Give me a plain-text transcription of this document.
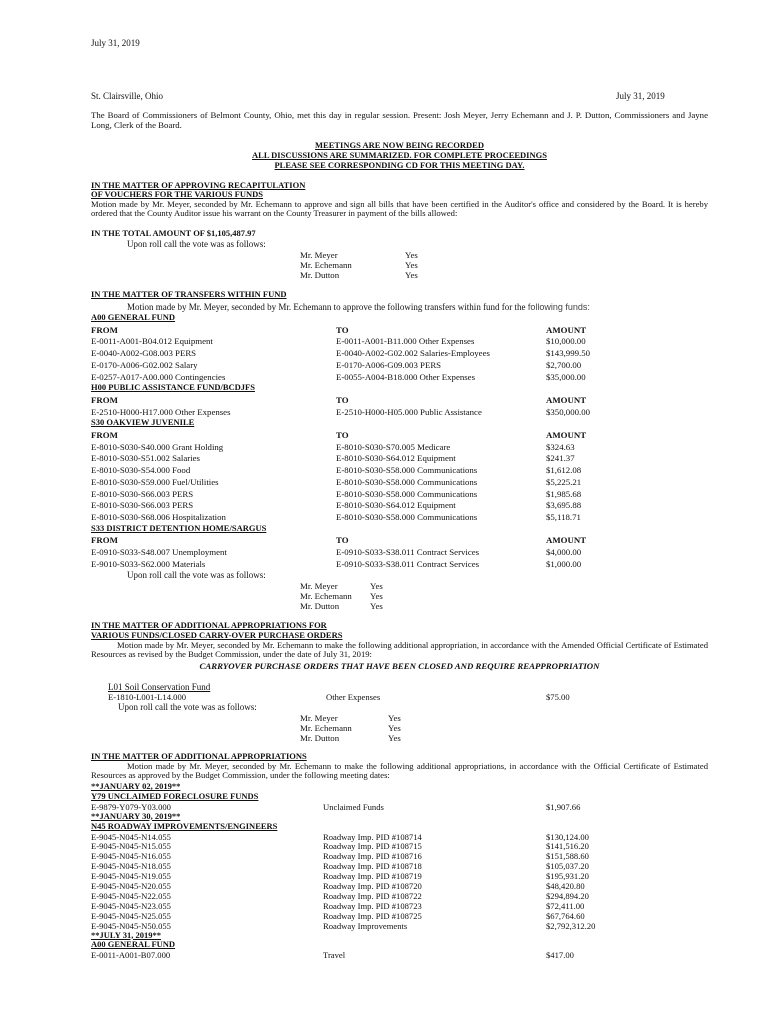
July 31, 2019
St. Clairsville, Ohio	July 31, 2019
The Board of Commissioners of Belmont County, Ohio, met this day in regular session. Present: Josh Meyer, Jerry Echemann and J. P. Dutton, Commissioners and Jayne Long, Clerk of the Board.
MEETINGS ARE NOW BEING RECORDED
ALL DISCUSSIONS ARE SUMMARIZED. FOR COMPLETE PROCEEDINGS
PLEASE SEE CORRESPONDING CD FOR THIS MEETING DAY.
IN THE MATTER OF APPROVING RECAPITULATION
OF VOUCHERS FOR THE VARIOUS FUNDS
Motion made by Mr. Meyer, seconded by Mr. Echemann to approve and sign all bills that have been certified in the Auditor's office and considered by the Board. It is hereby ordered that the County Auditor issue his warrant on the County Treasurer in payment of the bills allowed:
IN THE TOTAL AMOUNT OF $1,105,487.97
Upon roll call the vote was as follows:
Mr. Meyer	Yes
Mr. Echemann	Yes
Mr. Dutton	Yes
IN THE MATTER OF TRANSFERS WITHIN FUND
Motion made by Mr. Meyer, seconded by Mr. Echemann to approve the following transfers within fund for the following funds:
A00 GENERAL FUND
FROM	TO	AMOUNT
E-0011-A001-B04.012 Equipment	E-0011-A001-B11.000 Other Expenses	$10,000.00
E-0040-A002-G08.003 PERS	E-0040-A002-G02.002 Salaries-Employees	$143,999.50
E-0170-A006-G02.002 Salary	E-0170-A006-G09.003 PERS	$2,700.00
E-0257-A017-A00.000 Contingencies	E-0055-A004-B18.000 Other Expenses	$35,000.00
H00 PUBLIC ASSISTANCE FUND/BCDJFS
FROM	TO	AMOUNT
E-2510-H000-H17.000 Other Expenses	E-2510-H000-H05.000 Public Assistance	$350,000.00
S30 OAKVIEW JUVENILE
FROM	TO	AMOUNT
E-8010-S030-S40.000 Grant Holding	E-8010-S030-S70.005 Medicare	$324.63
E-8010-S030-S51.002 Salaries	E-8010-S030-S64.012 Equipment	$241.37
E-8010-S030-S54.000 Food	E-8010-S030-S58.000 Communications	$1,612.08
E-8010-S030-S59.000 Fuel/Utilities	E-8010-S030-S58.000 Communications	$5,225.21
E-8010-S030-S66.003 PERS	E-8010-S030-S58.000 Communications	$1,985.68
E-8010-S030-S66.003 PERS	E-8010-S030-S64.012 Equipment	$3,695.88
E-8010-S030-S68.006 Hospitalization	E-8010-S030-S58.000 Communications	$5,118.71
S33 DISTRICT DETENTION HOME/SARGUS
FROM	TO	AMOUNT
E-0910-S033-S48.007 Unemployment	E-0910-S033-S38.011 Contract Services	$4,000.00
E-9010-S033-S62.000 Materials	E-0910-S033-S38.011 Contract Services	$1,000.00
Upon roll call the vote was as follows:
Mr. Meyer	Yes
Mr. Echemann Yes
Mr. Dutton	Yes
IN THE MATTER OF ADDITIONAL APPROPRIATIONS FOR
VARIOUS FUNDS/CLOSED CARRY-OVER PURCHASE ORDERS
Motion made by Mr. Meyer, seconded by Mr. Echemann to make the following additional appropriation, in accordance with the Amended Official Certificate of Estimated Resources as revised by the Budget Commission, under the date of July 31, 2019:
CARRYOVER PURCHASE ORDERS THAT HAVE BEEN CLOSED AND REQUIRE REAPPROPRIATION
L01 Soil Conservation Fund
E-1810-L001-L14.000	Other Expenses	$75.00
Upon roll call the vote was as follows:
Mr. Meyer	Yes
Mr. Echemann	Yes
Mr. Dutton	Yes
IN THE MATTER OF ADDITIONAL APPROPRIATIONS
Motion made by Mr. Meyer, seconded by Mr. Echemann to make the following additional appropriations, in accordance with the Official Certificate of Estimated Resources as approved by the Budget Commission, under the following meeting dates:
**JANUARY 02, 2019**
Y79 UNCLAIMED FORECLOSURE FUNDS
E-9879-Y079-Y03.000	Unclaimed Funds	$1,907.66
**JANUARY 30, 2019**
N45 ROADWAY IMPROVEMENTS/ENGINEERS
E-9045-N045-N14.055	Roadway Imp. PID #108714	$130,124.00
E-9045-N045-N15.055	Roadway Imp. PID #108715	$141,516.20
E-9045-N045-N16.055	Roadway Imp. PID #108716	$151,588.60
E-9045-N045-N18.055	Roadway Imp. PID #108718	$105,037.20
E-9045-N045-N19.055	Roadway Imp. PID #108719	$195,931.20
E-9045-N045-N20.055	Roadway Imp. PID #108720	$48,420.80
E-9045-N045-N22.055	Roadway Imp. PID #108722	$294,894.20
E-9045-N045-N23.055	Roadway Imp. PID #108723	$72,411.00
E-9045-N045-N25.055	Roadway Imp. PID #108725	$67,764.60
E-9045-N045-N50.055	Roadway Improvements	$2,792,312.20
**JULY 31, 2019**
A00 GENERAL FUND
E-0011-A001-B07.000	Travel	$417.00
